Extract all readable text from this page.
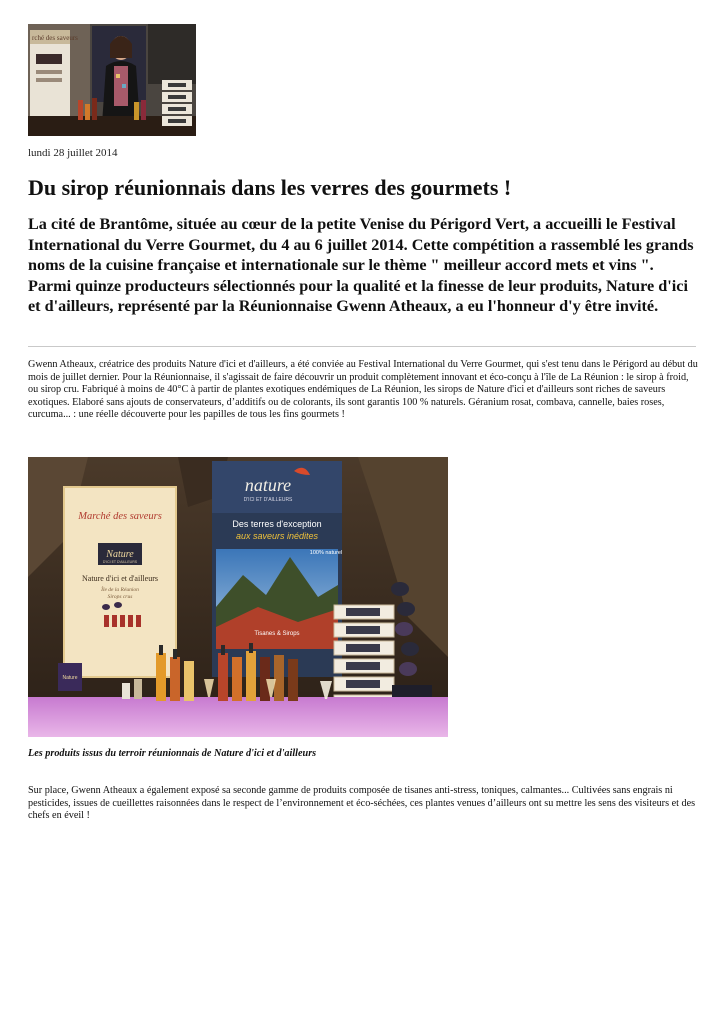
rché des saveurs
lundi 28 juillet 2014
Du sirop réunionnais dans les verres des gourmets !

La cité de Brantôme, située au cœur de la petite Venise du Périgord Vert, a accueilli le Festival International du Verre Gourmet, du 4 au 6 juillet 2014. Cette compétition a rassemblé les grands noms de la cuisine française et internationale sur le thème " meilleur accord mets et vins ". Parmi quinze producteurs sélectionnés pour la qualité et la finesse de leur produits, Nature d'ici et d'ailleurs, représenté par la Réunionnaise Gwenn Atheaux, a eu l'honneur d'y être invité.

Gwenn Atheaux, créatrice des produits Nature d'ici et d'ailleurs, a été conviée au Festival International du Verre Gourmet, qui s'est tenu dans le Périgord au début du mois de juillet dernier. Pour la Réunionnaise, il s'agissait de faire découvrir un produit complètement innovant et éco-conçu à l'île de La Réunion : le sirop à froid, ou sirop cru. Fabriqué à moins de 40°C à partir de plantes exotiques endémiques de La Réunion, les sirops de Nature d'ici et d'ailleurs sont riches de saveurs exotiques. Elaboré sans ajouts de conservateurs, d’additifs ou de colorants, ils sont garantis 100 % naturels. Géranium rosat, combava, cannelle, baies roses, curcuma... : une réelle découverte pour les papilles de tous les fins gourmets !

Marché des saveurs
Nature
D'ICI ET D'AILLEURS
Nature d'ici et d'ailleurs
Île de la Réunion
Sirops crus
nature
D'ICI ET D'AILLEURS
Des terres d'exception
aux saveurs inédites
100% naturel
Tisanes & Sirops
Nature
Les produits issus du terroir réunionnais de Nature d'ici et d'ailleurs

Sur place, Gwenn Atheaux a également exposé sa seconde gamme de produits composée de tisanes anti-stress, toniques, calmantes... Cultivées sans engrais ni pesticides, issues de cueillettes raisonnées dans le respect de l’environnement et éco-séchées, ces plantes venues d’ailleurs ont su mettre les sens des visiteurs et des chefs en éveil !
